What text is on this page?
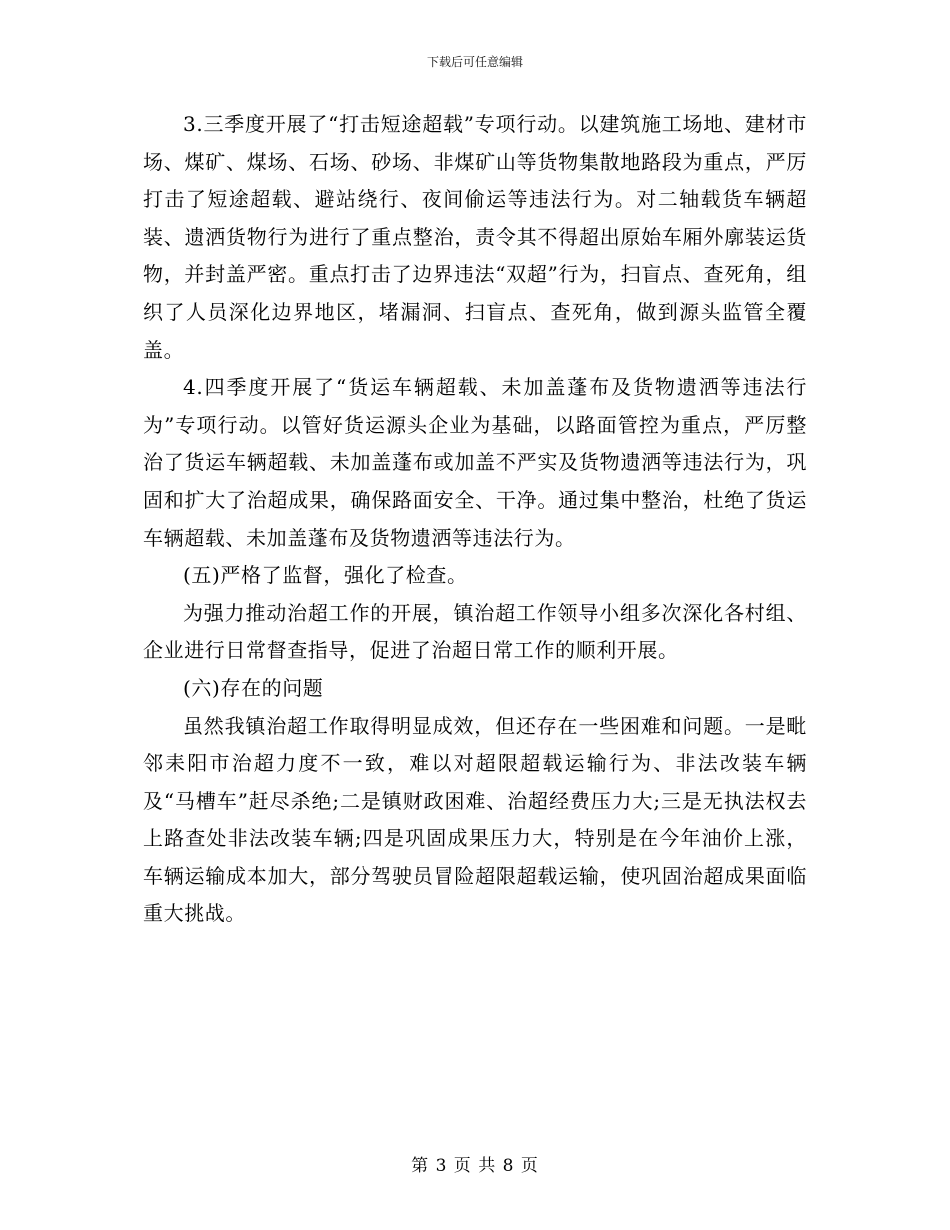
下载后可任意编辑

3.三季度开展了“打击短途超载”专项行动。以建筑施工场地、建材市场、煤矿、煤场、石场、砂场、非煤矿山等货物集散地路段为重点，严厉打击了短途超载、避站绕行、夜间偷运等违法行为。对二轴载货车辆超装、遗洒货物行为进行了重点整治，责令其不得超出原始车厢外廓装运货物，并封盖严密。重点打击了边界违法“双超”行为，扫盲点、查死角，组织了人员深化边界地区，堵漏洞、扫盲点、查死角，做到源头监管全覆盖。

4.四季度开展了“货运车辆超载、未加盖蓬布及货物遗洒等违法行为”专项行动。以管好货运源头企业为基础，以路面管控为重点，严厉整治了货运车辆超载、未加盖蓬布或加盖不严实及货物遗洒等违法行为，巩固和扩大了治超成果，确保路面安全、干净。通过集中整治，杜绝了货运车辆超载、未加盖蓬布及货物遗洒等违法行为。

(五)严格了监督，强化了检查。

为强力推动治超工作的开展，镇治超工作领导小组多次深化各村组、企业进行日常督查指导，促进了治超日常工作的顺利开展。

(六)存在的问题

虽然我镇治超工作取得明显成效，但还存在一些困难和问题。一是毗邻耒阳市治超力度不一致，难以对超限超载运输行为、非法改装车辆及“马槽车”赶尽杀绝;二是镇财政困难、治超经费压力大;三是无执法权去上路查处非法改装车辆;四是巩固成果压力大，特别是在今年油价上涨，车辆运输成本加大，部分驾驶员冒险超限超载运输，使巩固治超成果面临重大挑战。

第 3 页 共 8 页
